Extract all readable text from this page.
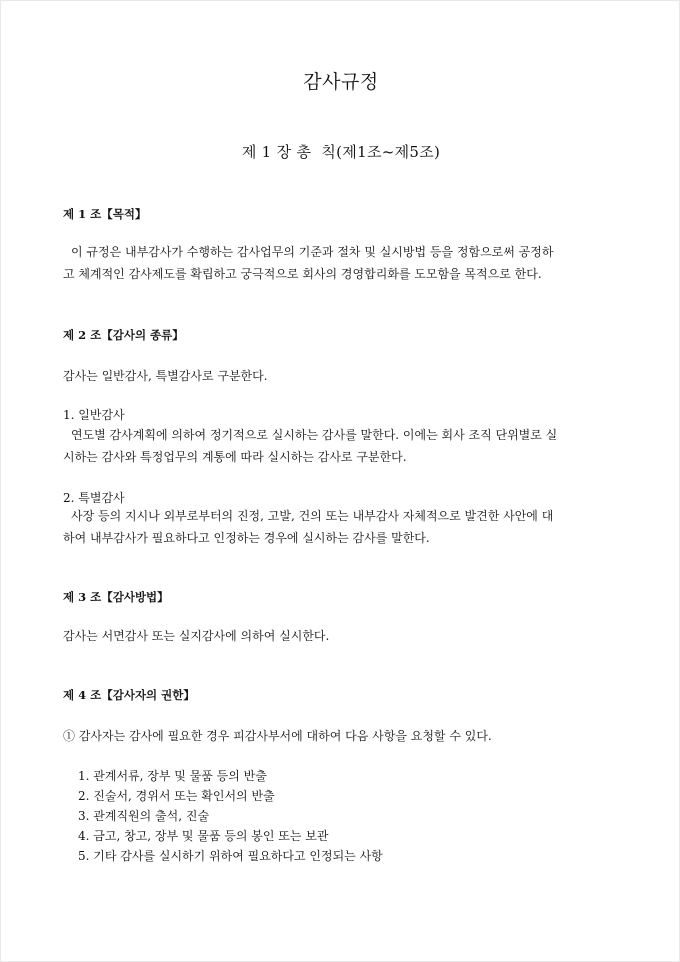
감사규정
제 1 장 총  칙(제1조~제5조)
제 1 조【목적】

이 규정은 내부감사가 수행하는 감사업무의 기준과 절차 및 실시방법 등을 정함으로써 공정하
고 체계적인 감사제도를 확립하고 궁극적으로 회사의 경영합리화를 도모함을 목적으로 한다.

제 2 조【감사의 종류】

감사는 일반감사, 특별감사로 구분한다.

1. 일반감사

연도별 감사계획에 의하여 정기적으로 실시하는 감사를 말한다. 이에는 회사 조직 단위별로 실
시하는 감사와 특정업무의 계통에 따라 실시하는 감사로 구분한다.

2. 특별감사

사장 등의 지시나 외부로부터의 진정, 고발, 건의 또는 내부감사 자체적으로 발견한 사안에 대
하여 내부감사가 필요하다고 인정하는 경우에 실시하는 감사를 말한다.

제 3 조【감사방법】

감사는 서면감사 또는 실지감사에 의하여 실시한다.

제 4 조【감사자의 권한】

① 감사자는 감사에 필요한 경우 피감사부서에 대하여 다음 사항을 요청할 수 있다.

1. 관계서류, 장부 및 물품 등의 반출
2. 진술서, 경위서 또는 확인서의 반출
3. 관계직원의 출석, 진술
4. 금고, 창고, 장부 및 물품 등의 봉인 또는 보관
5. 기타 감사를 실시하기 위하여 필요하다고 인정되는 사항
